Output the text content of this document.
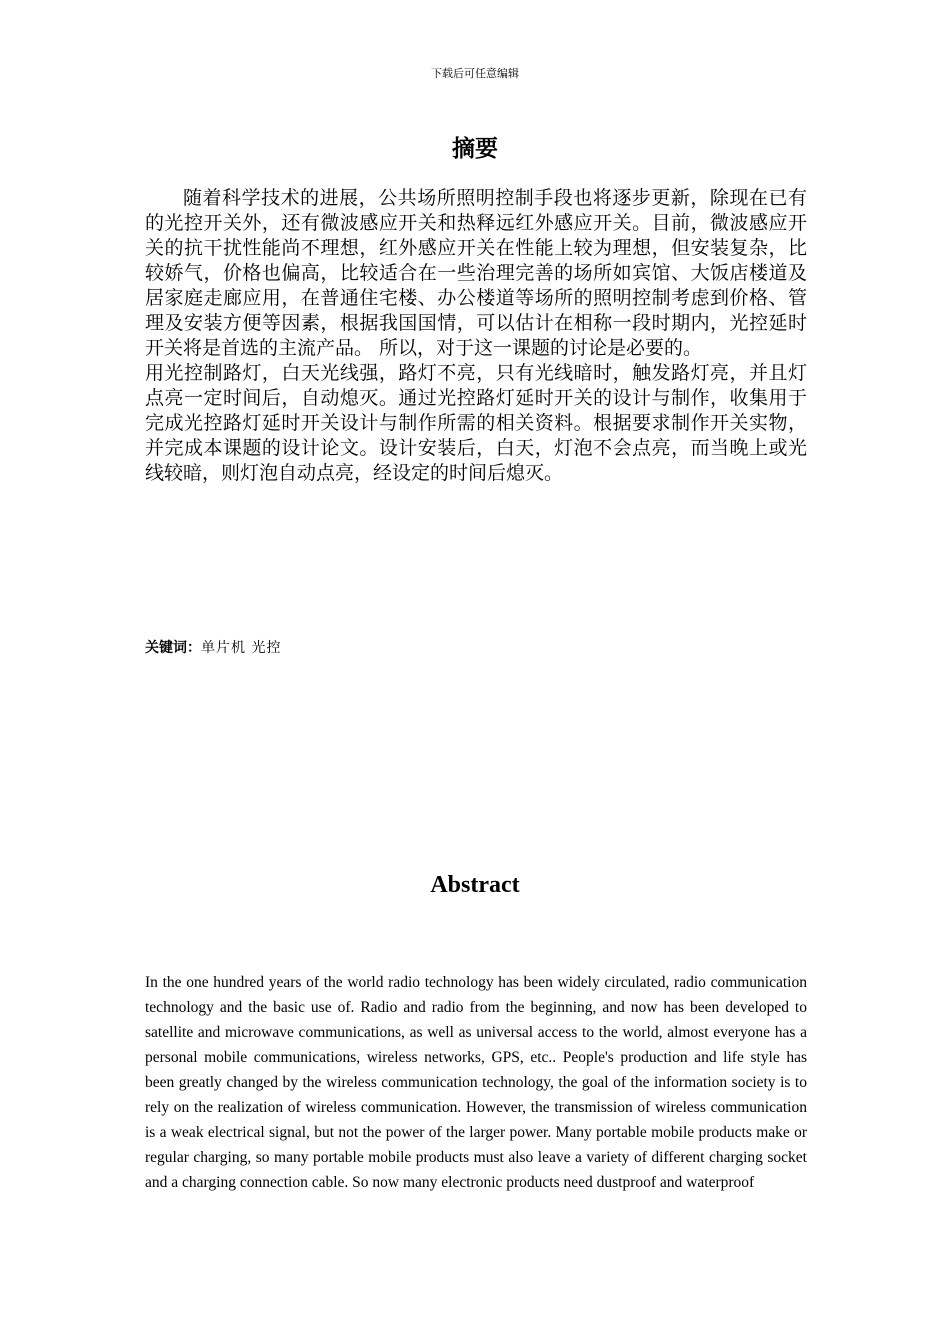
下载后可任意编辑
摘要

随着科学技术的进展，公共场所照明控制手段也将逐步更新，除现在已有的光控开关外，还有微波感应开关和热释远红外感应开关。目前，微波感应开关的抗干扰性能尚不理想，红外感应开关在性能上较为理想，但安装复杂，比较娇气，价格也偏高，比较适合在一些治理完善的场所如宾馆、大饭店楼道及居家庭走廊应用，在普通住宅楼、办公楼道等场所的照明控制考虑到价格、管理及安装方便等因素，根据我国国情，可以估计在相称一段时期内，光控延时开关将是首选的主流产品。 所以，对于这一课题的讨论是必要的。

用光控制路灯，白天光线强，路灯不亮，只有光线暗时，触发路灯亮，并且灯点亮一定时间后，自动熄灭。通过光控路灯延时开关的设计与制作，收集用于完成光控路灯延时开关设计与制作所需的相关资料。根据要求制作开关实物，并完成本课题的设计论文。设计安装后，白天，灯泡不会点亮，而当晚上或光线较暗，则灯泡自动点亮，经设定的时间后熄灭。

关键词：单片机 光控
Abstract

In the one hundred years of the world radio technology has been widely circulated, radio communication technology and the basic use of. Radio and radio from the beginning, and now has been developed to satellite and microwave communications, as well as universal access to the world, almost everyone has a personal mobile communications, wireless networks, GPS, etc.. People's production and life style has been greatly changed by the wireless communication technology, the goal of the information society is to rely on the realization of wireless communication. However, the transmission of wireless communication is a weak electrical signal, but not the power of the larger power. Many portable mobile products make or regular charging, so many portable mobile products must also leave a variety of different charging socket and a charging connection cable. So now many electronic products need dustproof and waterproof
